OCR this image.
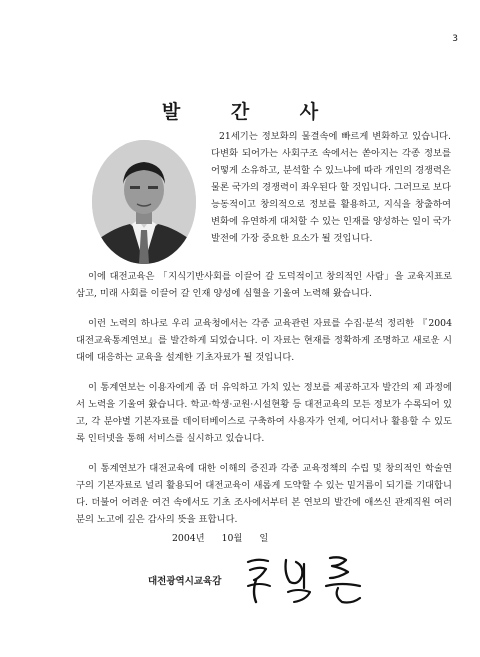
3
발 간 사

21세기는 정보화의 물결속에 빠르게 변화하고 있습니다. 다변화 되어가는 사회구조 속에서는 쏟아지는 각종 정보를 어떻게 소유하고, 분석할 수 있느냐에 따라 개인의 경쟁력은 물론 국가의 경쟁력이 좌우된다 할 것입니다. 그러므로 보다 능동적이고 창의적으로 정보를 활용하고, 지식을 창출하여 변화에 유연하게 대처할 수 있는 인재를 양성하는 일이 국가발전에 가장 중요한 요소가 될 것입니다.

이에 대전교육은 「지식기반사회를 이끌어 갈 도덕적이고 창의적인 사람」을 교육지표로 삼고, 미래 사회를 이끌어 갈 인재 양성에 심혈을 기울여 노력해 왔습니다.

이런 노력의 하나로 우리 교육청에서는 각종 교육관련 자료를 수집·분석 정리한 『2004 대전교육통계연보』를 발간하게 되었습니다. 이 자료는 현재를 정확하게 조명하고 새로운 시대에 대응하는 교육을 설계한 기초자료가 될 것입니다.

이 통계연보는 이용자에게 좀 더 유익하고 가치 있는 정보를 제공하고자 발간의 제 과정에서 노력을 기울여 왔습니다. 학교·학생·교원·시설현황 등 대전교육의 모든 정보가 수록되어 있고, 각 분야별 기본자료를 데이터베이스로 구축하여 사용자가 언제, 어디서나 활용할 수 있도록 인터넷을 통해 서비스를 실시하고 있습니다.

이 통계연보가 대전교육에 대한 이해의 증진과 각종 교육정책의 수립 및 창의적인 학술연구의 기본자료로 널리 활용되어 대전교육이 새롭게 도약할 수 있는 밑거름이 되기를 기대합니다. 더불어 어려운 여건 속에서도 기초 조사에서부터 본 연보의 발간에 애쓰신 관계직원 여러분의 노고에 깊은 감사의 뜻을 표합니다.

2004년 10월 일
대전광역시교육감
